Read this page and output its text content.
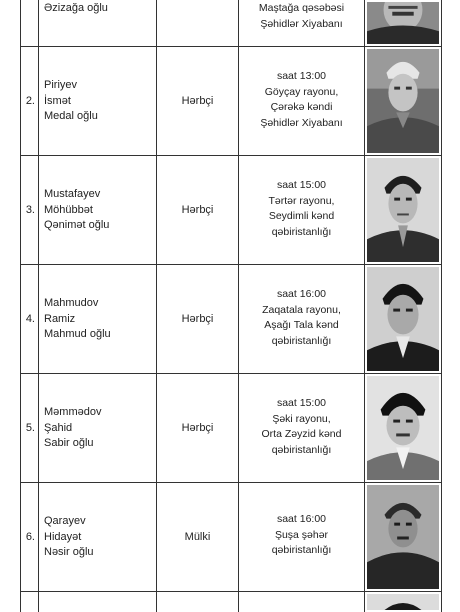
Əzizağa oğlu	Maştağa qəsəbəsi
Şəhidlər Xiyabanı
2.
Piriyev
İsmət
Medal oğlu
Hərbçi
saat 13:00
Göyçay rayonu,
Çərəkə kəndi
Şəhidlər Xiyabanı
3.
Mustafayev
Möhübbət
Qənimət oğlu
Hərbçi
saat 15:00
Tərtər rayonu,
Seydimli kənd
qəbiristanlığı
4.
Mahmudov
Ramiz
Mahmud oğlu
Hərbçi
saat 16:00
Zaqatala rayonu,
Aşağı Tala kənd
qəbiristanlığı
5.
Məmmədov
Şahid
Sabir oğlu
Hərbçi
saat 15:00
Şəki rayonu,
Orta Zəyzid kənd
qəbiristanlığı
6.
Qarayev
Hidayət
Nəsir oğlu
Mülki
saat 16:00
Şuşa şəhər
qəbiristanlığı
